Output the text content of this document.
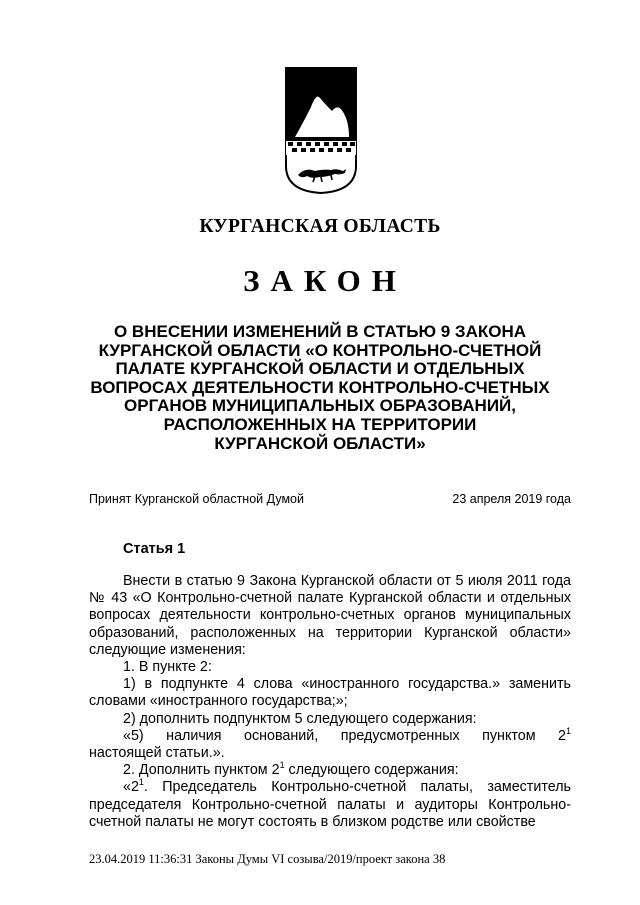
КУРГАНСКАЯ ОБЛАСТЬ
ЗАКОН
О ВНЕСЕНИИ ИЗМЕНЕНИЙ В СТАТЬЮ 9 ЗАКОНА
КУРГАНСКОЙ ОБЛАСТИ «О КОНТРОЛЬНО-СЧЕТНОЙ
ПАЛАТЕ КУРГАНСКОЙ ОБЛАСТИ И ОТДЕЛЬНЫХ
ВОПРОСАХ ДЕЯТЕЛЬНОСТИ КОНТРОЛЬНО-СЧЕТНЫХ
ОРГАНОВ МУНИЦИПАЛЬНЫХ ОБРАЗОВАНИЙ,
РАСПОЛОЖЕННЫХ НА ТЕРРИТОРИИ
КУРГАНСКОЙ ОБЛАСТИ»
Принят Курганской областной Думой	23 апреля 2019 года
Статья 1

Внести в статью 9 Закона Курганской области от 5 июля 2011 года № 43 «О Контрольно-счетной палате Курганской области и отдельных вопросах деятельности контрольно-счетных органов муниципальных образований, расположенных на территории Курганской области» следующие изменения:

1. В пункте 2:

1) в подпункте 4 слова «иностранного государства.» заменить словами «иностранного государства;»;

2) дополнить подпунктом 5 следующего содержания:

«5) наличия оснований, предусмотренных пунктом $2^1$

настоящей статьи.».

2. Дополнить пунктом $2^1$ следующего содержания:

«$2^1$. Председатель Контрольно-счетной палаты, заместитель председателя Контрольно-счетной палаты и аудиторы Контрольно-счетной палаты не могут состоять в близком родстве или свойстве

23.04.2019 11:36:31 Законы Думы VI созыва/2019/проект закона 38
